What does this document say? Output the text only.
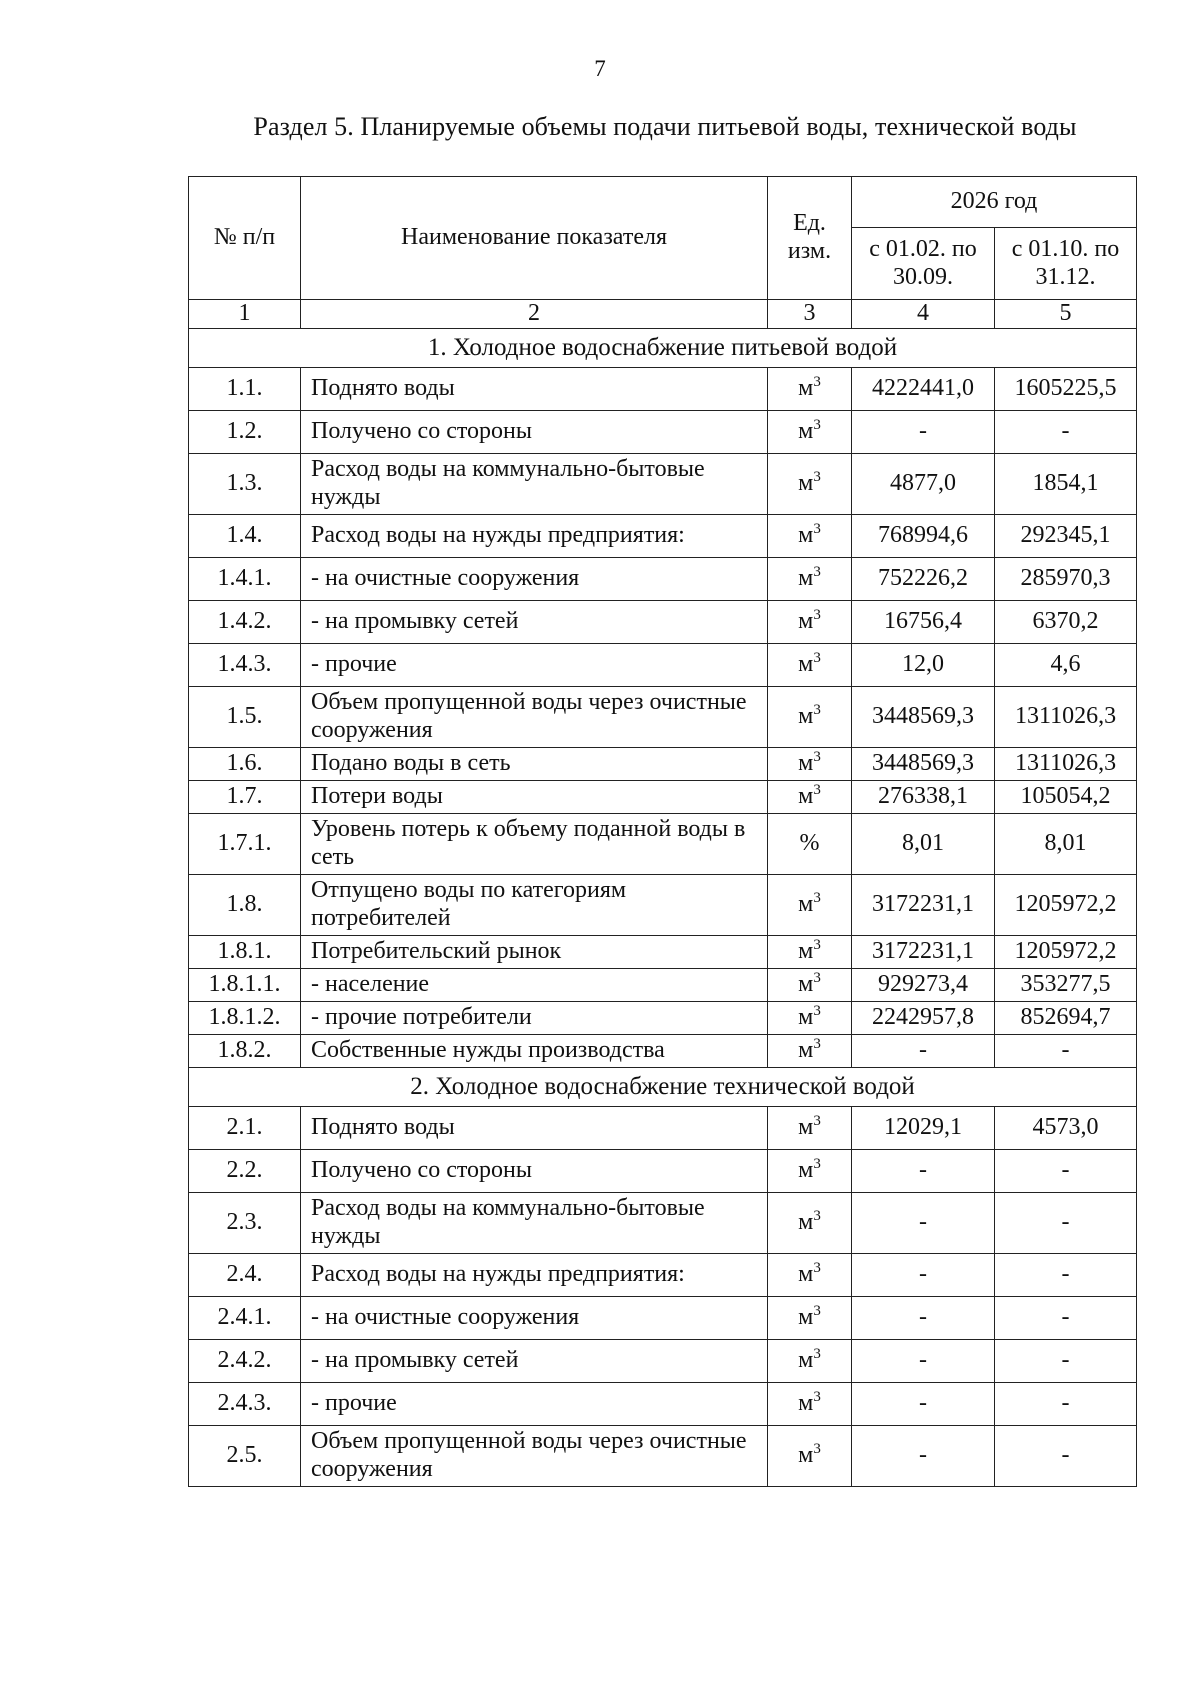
7
Раздел 5. Планируемые объемы подачи питьевой воды, технической воды
№ п/п	Наименование показателя	Ед. изм.	2026 год	
			с 01.02. по 30.09.	с 01.10. по 31.12.
1	2	3	4	5
1. Холодное водоснабжение питьевой водой				
1.1.	Поднято воды	$м^3$	4222441,0	1605225,5
1.2.	Получено со стороны	$м^3$	-	-
1.3.	Расход воды на коммунально-бытовые нужды	$м^3$	4877,0	1854,1
1.4.	Расход воды на нужды предприятия:	$м^3$	768994,6	292345,1
1.4.1.	- на очистные сооружения	$м^3$	752226,2	285970,3
1.4.2.	- на промывку сетей	$м^3$	16756,4	6370,2
1.4.3.	- прочие	$м^3$	12,0	4,6
1.5.	Объем пропущенной воды через очистные сооружения	$м^3$	3448569,3	1311026,3
1.6.	Подано воды в сеть	$м^3$	3448569,3	1311026,3
1.7.	Потери воды	$м^3$	276338,1	105054,2
1.7.1.	Уровень потерь к объему поданной воды в сеть	%	8,01	8,01
1.8.	Отпущено воды по категориям потребителей	$м^3$	3172231,1	1205972,2
1.8.1.	Потребительский рынок	$м^3$	3172231,1	1205972,2
1.8.1.1.	- население	$м^3$	929273,4	353277,5
1.8.1.2.	- прочие потребители	$м^3$	2242957,8	852694,7
1.8.2.	Собственные нужды производства	$м^3$	-	-
2. Холодное водоснабжение технической водой				
2.1.	Поднято воды	$м^3$	12029,1	4573,0
2.2.	Получено со стороны	$м^3$	-	-
2.3.	Расход воды на коммунально-бытовые нужды	$м^3$	-	-
2.4.	Расход воды на нужды предприятия:	$м^3$	-	-
2.4.1.	- на очистные сооружения	$м^3$	-	-
2.4.2.	- на промывку сетей	$м^3$	-	-
2.4.3.	- прочие	$м^3$	-	-
2.5.	Объем пропущенной воды через очистные сооружения	$м^3$	-	-
